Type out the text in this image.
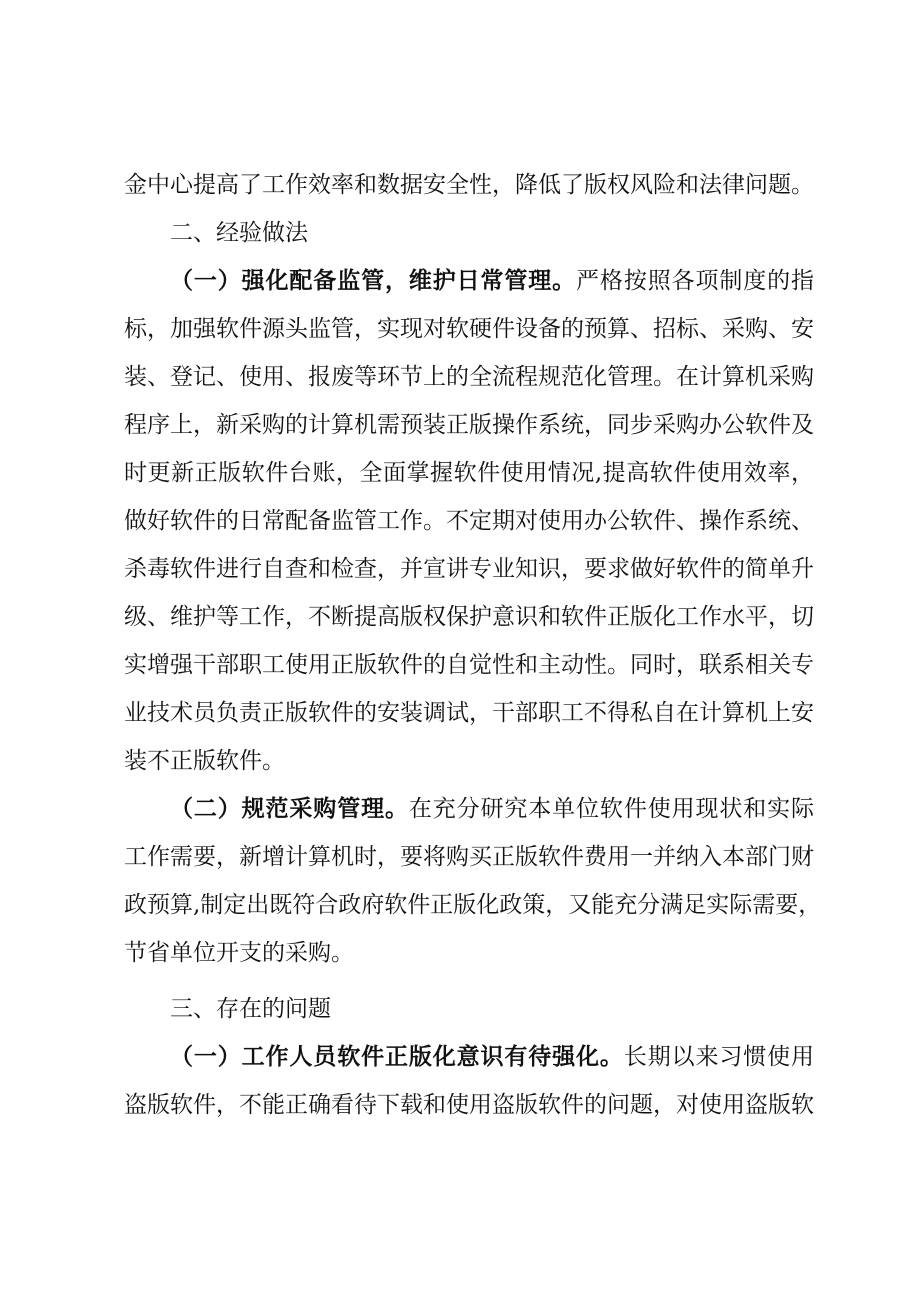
金中心提高了工作效率和数据安全性，降低了版权风险和法律问题。
二、经验做法
（一）强化配备监管，维护日常管理。严格按照各项制度的指
标，加强软件源头监管，实现对软硬件设备的预算、招标、采购、安
装、登记、使用、报废等环节上的全流程规范化管理。在计算机采购
程序上，新采购的计算机需预装正版操作系统，同步采购办公软件及
时更新正版软件台账，全面掌握软件使用情况,提高软件使用效率，
做好软件的日常配备监管工作。不定期对使用办公软件、操作系统、
杀毒软件进行自查和检查，并宣讲专业知识，要求做好软件的简单升
级、维护等工作，不断提高版权保护意识和软件正版化工作水平，切
实增强干部职工使用正版软件的自觉性和主动性。同时，联系相关专
业技术员负责正版软件的安装调试，干部职工不得私自在计算机上安
装不正版软件。
（二）规范采购管理。在充分研究本单位软件使用现状和实际
工作需要，新增计算机时，要将购买正版软件费用一并纳入本部门财
政预算,制定出既符合政府软件正版化政策，又能充分满足实际需要，
节省单位开支的采购。
三、存在的问题
（一）工作人员软件正版化意识有待强化。长期以来习惯使用
盗版软件，不能正确看待下载和使用盗版软件的问题，对使用盗版软
